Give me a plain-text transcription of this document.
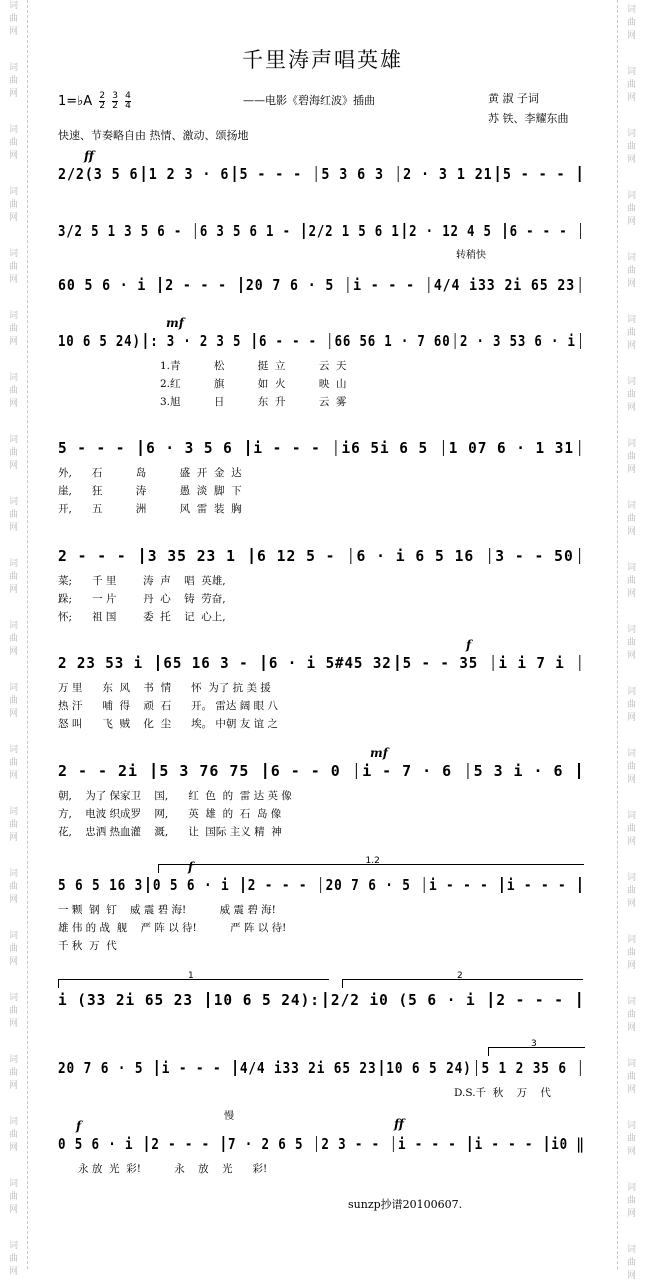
词
曲
网
词
曲
网
词
曲
网
词
曲
网
词
曲
网
词
曲
网
词
曲
网
词
曲
网
词
曲
网
词
曲
网
词
曲
网
词
曲
网
词
曲
网
词
曲
网
词
曲
网
词
曲
网
词
曲
网
词
曲
网
词
曲
网
词
曲
网
词
曲
网
词
曲
网
词
曲
网
词
曲
网
词
曲
网
词
曲
网
词
曲
网
词
曲
网
词
曲
网
词
曲
网
词
曲
网
词
曲
网
词
曲
网
词
曲
网
词
曲
网
词
曲
网
词
曲
网
词
曲
网
词
曲
网
词
曲
网
词
曲
网
词
曲
网
千里涛声唱英雄
1=♭A $\frac{2}{2}$
$\frac{3}{2}$
$\frac{4}{4}$	——电影《碧海红波》插曲	黄 淑 子词
苏 铁、李耀东曲
快速、节奏略自由 热情、激动、颂扬地
2/2(3 5 6 1 2 3 · 6 5 - - - 5 3 6 3 2 · 3 1 21 5 - - -
ff
3/2 5 1 3 5 6 - 6 3 5 6 1 - 2/2 1 5 6 1 2 · 12 4 5 6 - - -
60 5 6 · i 2 - - - 20 7 6 · 5 i - - - 4/4 i33 2i 65 23
转稍快
10 6 5 24) : 3 · 2 3 5 6 - - - 66 56 1 · 7 60 2 · 3 53 6 · i
mf
1.青          松          挺  立          云  天
2.红          旗          如  火          映  山
3.旭          日          东  升          云  雾
5 - - - 6 · 3 5 6 i - - - i6 5i 6 5 1 07 6 · 1 31
外,      石          岛          盛  开  金  达
崖,      狂          涛          愚  淡  脚  下
开,      五          洲          风  雷  装  胸
2 - - - 3 35 23 1 6 12 5 - 6 · i 6 5 16 3 - - 50
菜;      千 里        涛  声    唱  英雄,
跺;      一 片        丹  心    铸  劳奋,
怀;      祖 国        委  托    记  心上,
2 23 53 i 65 16 3 - 6 · i 5#45 32 5 - - 35 i i 7 i
f
万 里      东  风    书  情      怀  为了 抗 美 援
热 汗      哺  得    顽  石      开。 雷达 阔 眼 八
怒 叫      飞  贼    化  尘      埃。 中朝 友 谊 之
2 - - 2i 5 3 76 75 6 - - 0 i - 7 · 6 5 3 i · 6
mf
朝,    为了 保家卫    国,      红  色  的  雷 达 英 像
方,    电波 织成罗    网,      英  雄  的  石  岛 像
花,    忠洒 热血灌    溉,      让  国际 主义 精  神
5 6 5 16 3 0 5 6 · i 2 - - - 20 7 6 · 5 i - - - i - - -
f	1.2
一 颗  钢  钉    威 震 碧 海!          威 震 碧 海!
雄 伟 的 战  舰    严 阵 以 待!          严 阵 以 待!
千 秋  万  代
i (33 2i 65 23 10 6 5 24): 2/2 i0 (5 6 · i 2 - - -
1	2
20 7 6 · 5 i - - - 4/4 i33 2i 65 23 10 6 5 24) 5 1 2 35 6
3
D.S.千  秋    万    代
0 5 6 · i 2 - - - 7 · 2 6 5 2 3 - - i - - - i - - - i0 ‖
f	ff
慢
永 放  光  彩!          永    放    光      彩!
sunzp抄谱20100607.
